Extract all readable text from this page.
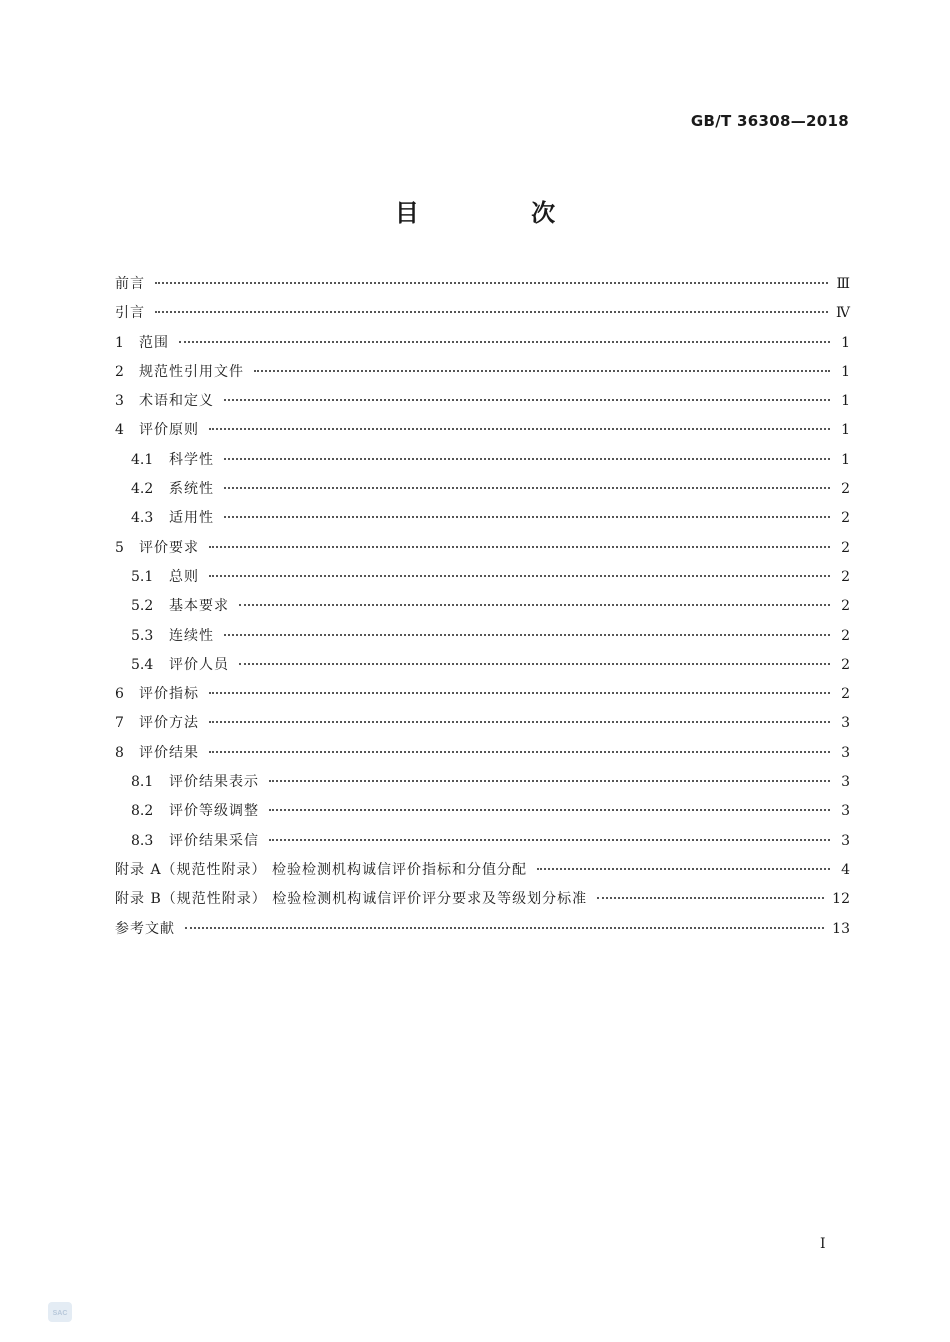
GB/T 36308—2018
目 次
前言	Ⅲ
引言	Ⅳ
1	范围	1
2	规范性引用文件	1
3	术语和定义	1
4	评价原则	1
4.1	科学性	1
4.2	系统性	2
4.3	适用性	2
5	评价要求	2
5.1	总则	2
5.2	基本要求	2
5.3	连续性	2
5.4	评价人员	2
6	评价指标	2
7	评价方法	3
8	评价结果	3
8.1	评价结果表示	3
8.2	评价等级调整	3
8.3	评价结果采信	3
附录 A（规范性附录） 检验检测机构诚信评价指标和分值分配	4
附录 B（规范性附录） 检验检测机构诚信评价评分要求及等级划分标准	12
参考文献	13
Ⅰ
SAC
